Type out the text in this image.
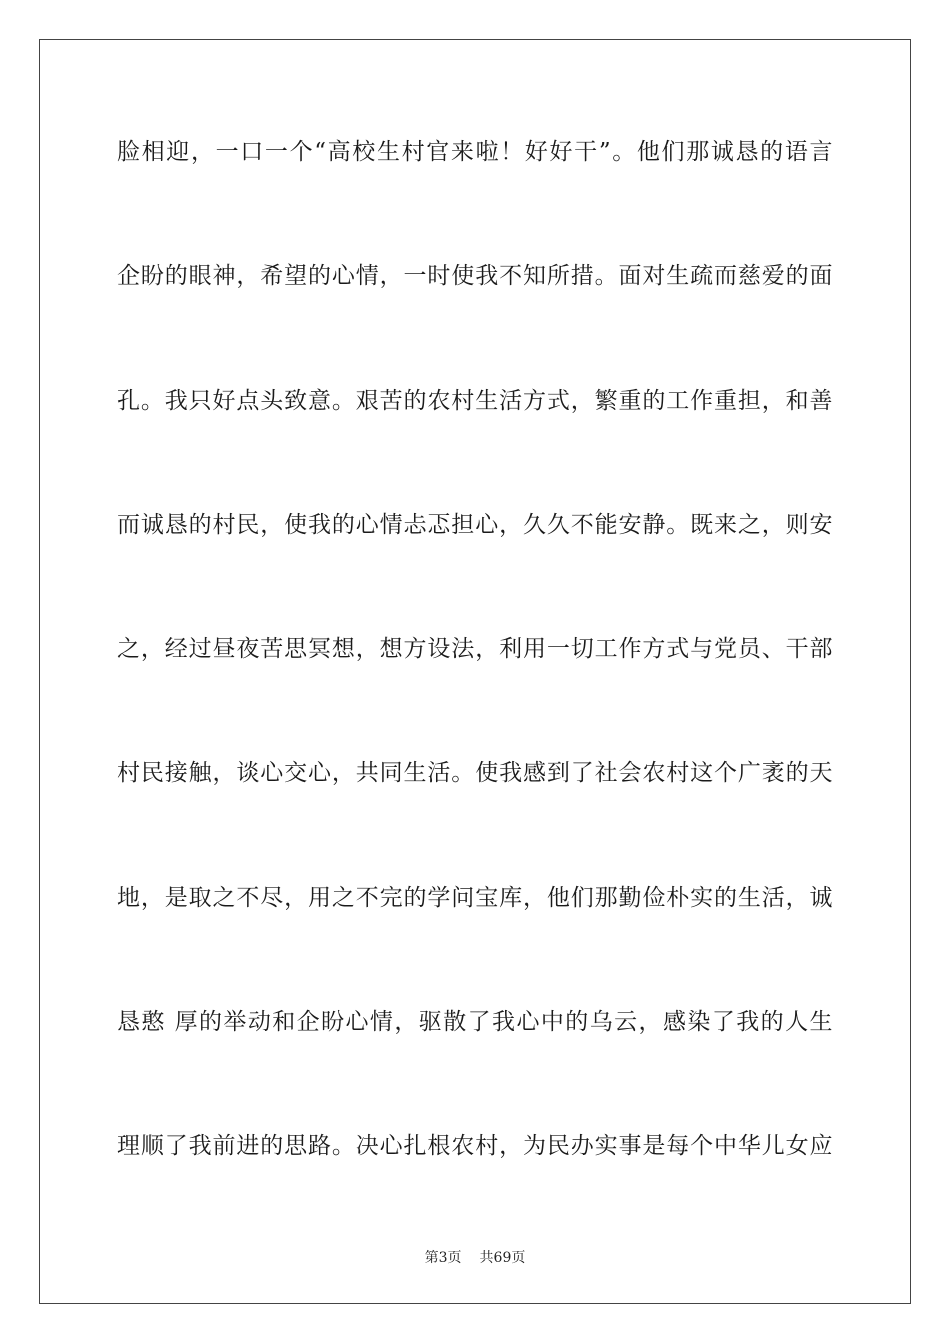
脸相迎，一口一个“高校生村官来啦！好好干”。他们那诚恳的语言
企盼的眼神，希望的心情，一时使我不知所措。面对生疏而慈爱的面
孔。我只好点头致意。艰苦的农村生活方式，繁重的工作重担，和善
而诚恳的村民，使我的心情忐忑担心，久久不能安静。既来之，则安
之，经过昼夜苦思冥想，想方设法，利用一切工作方式与党员、干部
村民接触，谈心交心，共同生活。使我感到了社会农村这个广袤的天
地，是取之不尽，用之不完的学问宝库，他们那勤俭朴实的生活，诚
恳憨 厚的举动和企盼心情，驱散了我心中的乌云，感染了我的人生
理顺了我前进的思路。决心扎根农村，为民办实事是每个中华儿女应
第3页 共69页
